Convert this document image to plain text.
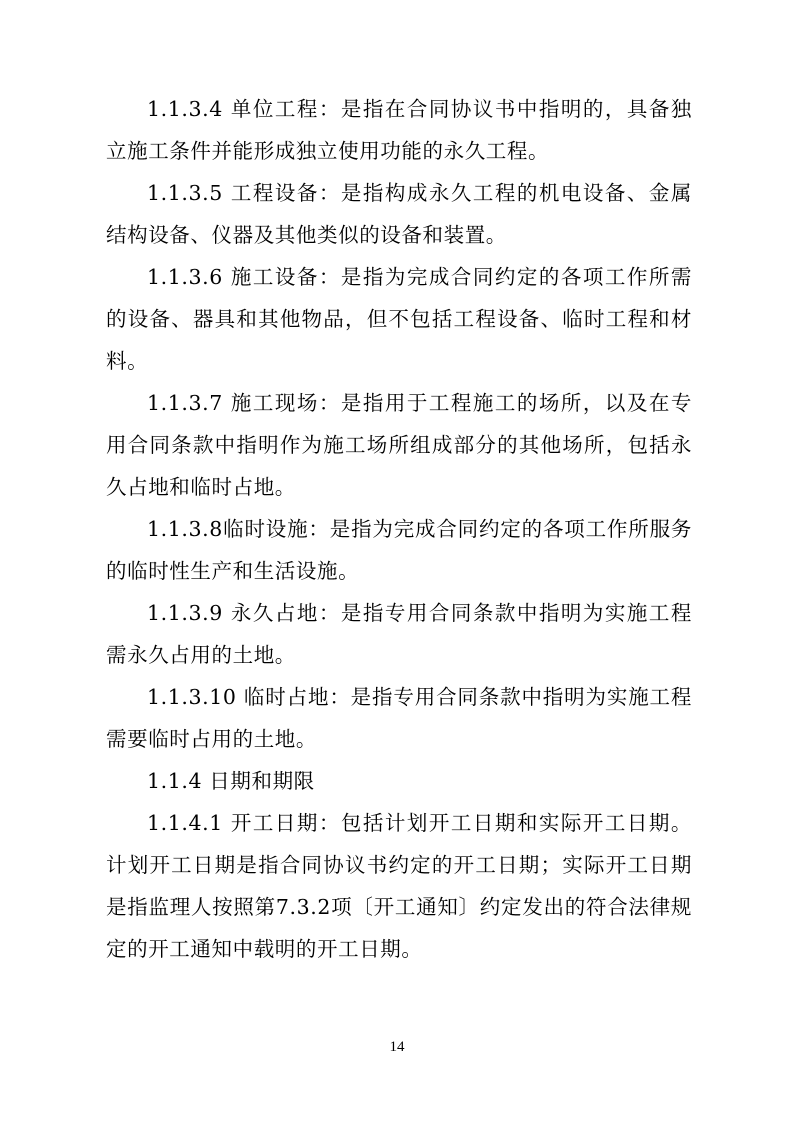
1.1.3.4 单位工程：是指在合同协议书中指明的，具备独立施工条件并能形成独立使用功能的永久工程。

1.1.3.5 工程设备：是指构成永久工程的机电设备、金属结构设备、仪器及其他类似的设备和装置。

1.1.3.6 施工设备：是指为完成合同约定的各项工作所需的设备、器具和其他物品，但不包括工程设备、临时工程和材料。

1.1.3.7 施工现场：是指用于工程施工的场所，以及在专用合同条款中指明作为施工场所组成部分的其他场所，包括永久占地和临时占地。

1.1.3.8临时设施：是指为完成合同约定的各项工作所服务的临时性生产和生活设施。

1.1.3.9 永久占地：是指专用合同条款中指明为实施工程需永久占用的土地。

1.1.3.10 临时占地：是指专用合同条款中指明为实施工程需要临时占用的土地。

1.1.4 日期和期限

1.1.4.1 开工日期：包括计划开工日期和实际开工日期。计划开工日期是指合同协议书约定的开工日期；实际开工日期是指监理人按照第7.3.2项〔开工通知〕约定发出的符合法律规定的开工通知中载明的开工日期。

14
